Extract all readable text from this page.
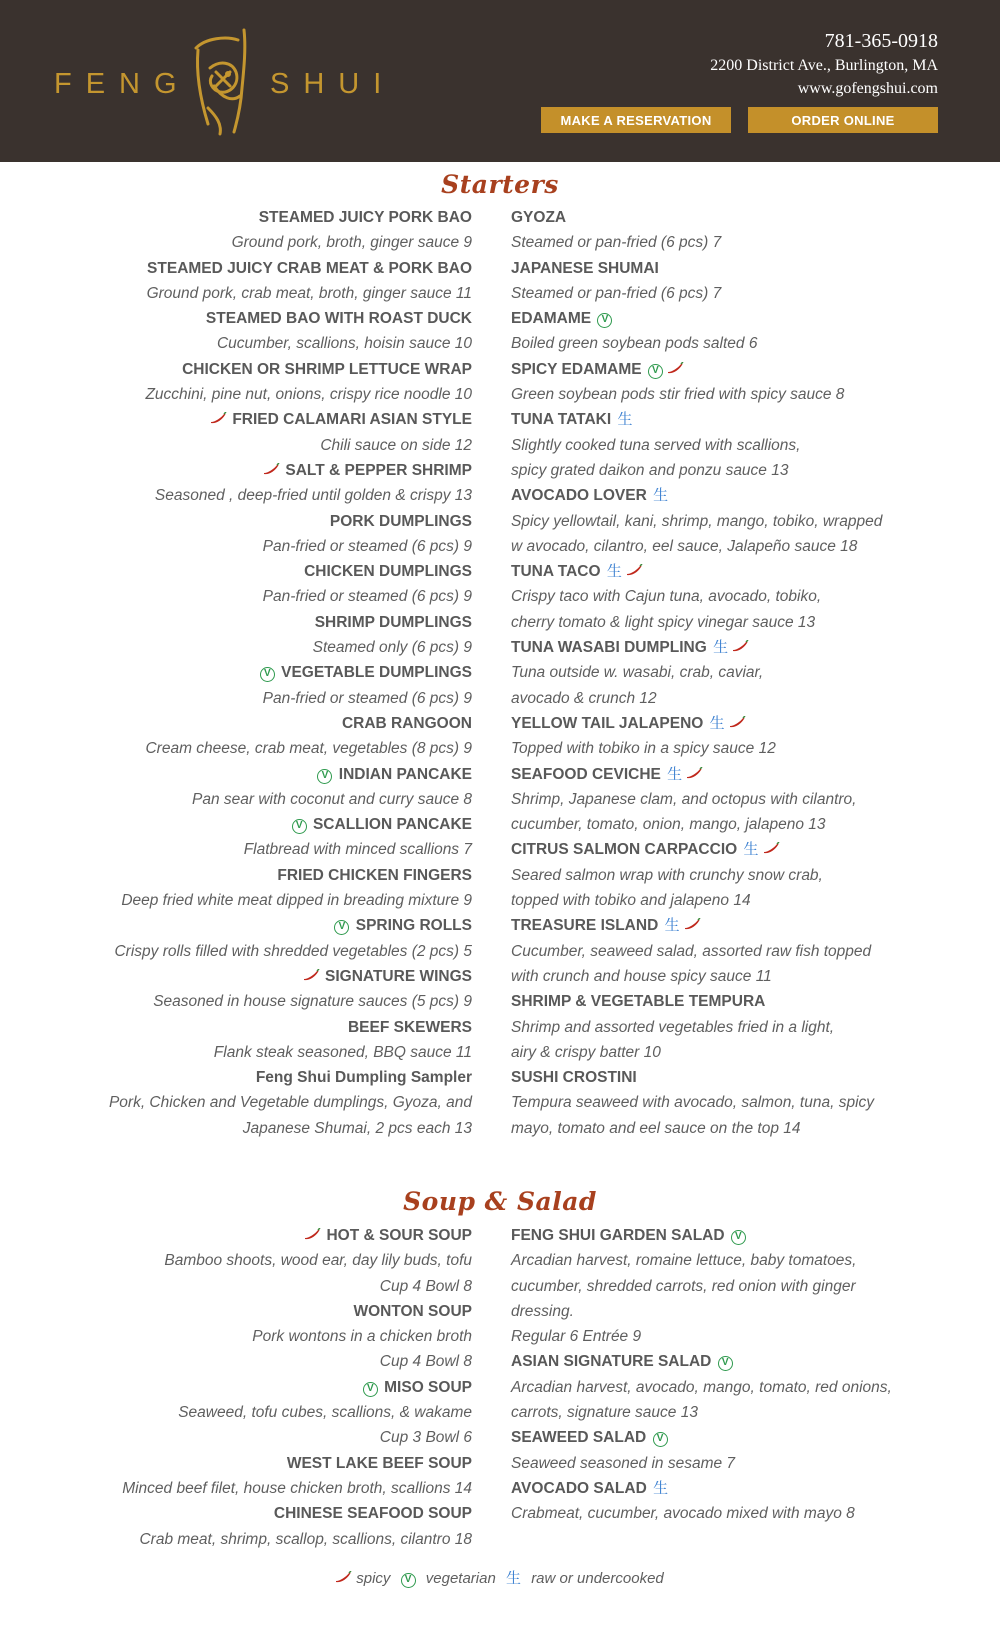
FENG	SHUI
781-365-0918
2200 District Ave., Burlington, MA
www.gofengshui.com
MAKE A RESERVATION	ORDER ONLINE
Starters
STEAMED JUICY PORK BAO
Ground pork, broth, ginger sauce 9
STEAMED JUICY CRAB MEAT & PORK BAO
Ground pork, crab meat, broth, ginger sauce 11
STEAMED BAO WITH ROAST DUCK
Cucumber, scallions, hoisin sauce 10
CHICKEN OR SHRIMP LETTUCE WRAP
Zucchini, pine nut, onions, crispy rice noodle 10
FRIED CALAMARI ASIAN STYLE
Chili sauce on side 12
SALT & PEPPER SHRIMP
Seasoned , deep-fried until golden & crispy 13
PORK DUMPLINGS
Pan-fried or steamed (6 pcs) 9
CHICKEN DUMPLINGS
Pan-fried or steamed (6 pcs) 9
SHRIMP DUMPLINGS
Steamed only (6 pcs) 9
V VEGETABLE DUMPLINGS
Pan-fried or steamed (6 pcs) 9
CRAB RANGOON
Cream cheese, crab meat, vegetables (8 pcs) 9
V INDIAN PANCAKE
Pan sear with coconut and curry sauce 8
V SCALLION PANCAKE
Flatbread with minced scallions 7
FRIED CHICKEN FINGERS
Deep fried white meat dipped in breading mixture 9
V SPRING ROLLS
Crispy rolls filled with shredded vegetables (2 pcs) 5
SIGNATURE WINGS
Seasoned in house signature sauces (5 pcs) 9
BEEF SKEWERS
Flank steak seasoned, BBQ sauce 11
Feng Shui Dumpling Sampler
Pork, Chicken and Vegetable dumplings, Gyoza, and
Japanese Shumai, 2 pcs each 13
GYOZA
Steamed or pan-fried (6 pcs) 7
JAPANESE SHUMAI
Steamed or pan-fried (6 pcs) 7
EDAMAME V
Boiled green soybean pods salted 6
SPICY EDAMAME V
Green soybean pods stir fried with spicy sauce 8
TUNA TATAKI 生
Slightly cooked tuna served with scallions,
spicy grated daikon and ponzu sauce 13
AVOCADO LOVER 生
Spicy yellowtail, kani, shrimp, mango, tobiko, wrapped
w avocado, cilantro, eel sauce, Jalapeño sauce 18
TUNA TACO 生
Crispy taco with Cajun tuna, avocado, tobiko,
cherry tomato & light spicy vinegar sauce 13
TUNA WASABI DUMPLING 生
Tuna outside w. wasabi, crab, caviar,
avocado & crunch 12
YELLOW TAIL JALAPENO 生
Topped with tobiko in a spicy sauce 12
SEAFOOD CEVICHE 生
Shrimp, Japanese clam, and octopus with cilantro,
cucumber, tomato, onion, mango, jalapeno 13
CITRUS SALMON CARPACCIO 生
Seared salmon wrap with crunchy snow crab,
topped with tobiko and jalapeno 14
TREASURE ISLAND 生
Cucumber, seaweed salad, assorted raw fish topped
with crunch and house spicy sauce 11
SHRIMP & VEGETABLE TEMPURA
Shrimp and assorted vegetables fried in a light,
airy & crispy batter 10
SUSHI CROSTINI
Tempura seaweed with avocado, salmon, tuna, spicy
mayo, tomato and eel sauce on the top 14
Soup & Salad
HOT & SOUR SOUP
Bamboo shoots, wood ear, day lily buds, tofu
Cup 4 Bowl 8
WONTON SOUP
Pork wontons in a chicken broth
Cup 4 Bowl 8
V MISO SOUP
Seaweed, tofu cubes, scallions, & wakame
Cup 3 Bowl 6
WEST LAKE BEEF SOUP
Minced beef filet, house chicken broth, scallions 14
CHINESE SEAFOOD SOUP
Crab meat, shrimp, scallop, scallions, cilantro 18
FENG SHUI GARDEN SALAD V
Arcadian harvest, romaine lettuce, baby tomatoes,
cucumber, shredded carrots, red onion with ginger
dressing.
Regular 6 Entrée 9
ASIAN SIGNATURE SALAD V
Arcadian harvest, avocado, mango, tomato, red onions,
carrots, signature sauce 13
SEAWEED SALAD V
Seaweed seasoned in sesame 7
AVOCADO SALAD 生
Crabmeat, cucumber, avocado mixed with mayo 8
spicy V vegetarian 生 raw or undercooked
